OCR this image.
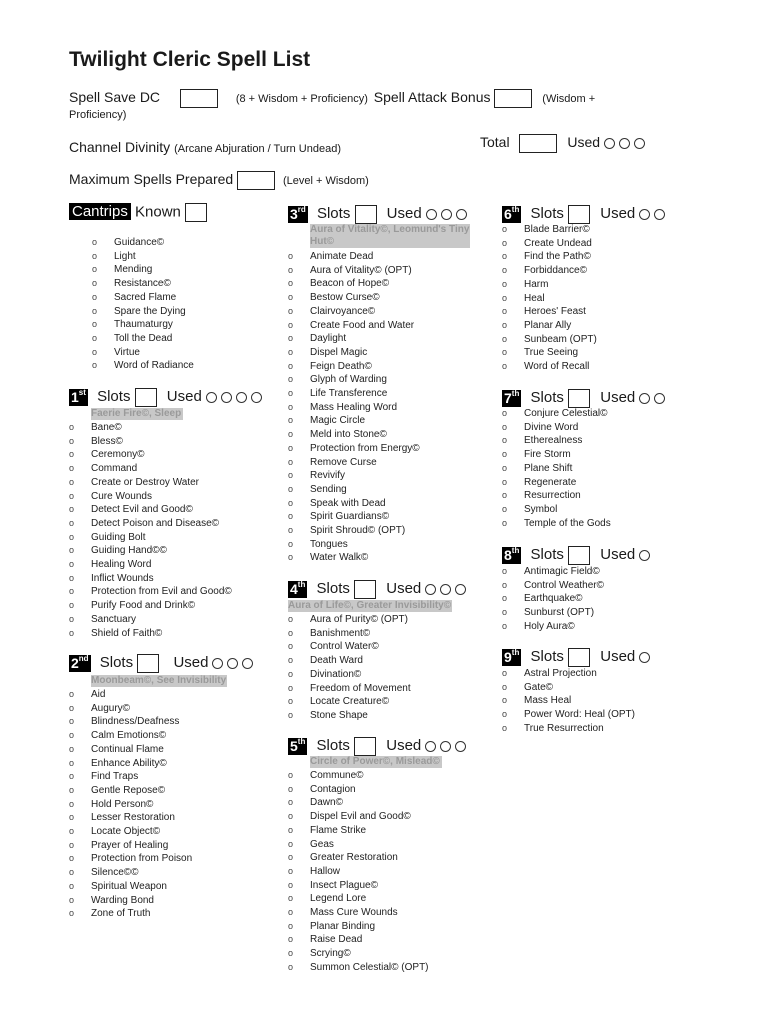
Twilight Cleric Spell List
Spell Save DC	(8 + Wisdom + Proficiency) Spell Attack Bonus	(Wisdom +
Proficiency)
Channel Divinity (Arcane Abjuration / Turn Undead)	Total	Used
Maximum Spells Prepared	(Level + Wisdom)
Cantrips Known
o Guidance©
o Light
o Mending
o Resistance©
o Sacred Flame
o Spare the Dying
o Thaumaturgy
o Toll the Dead
o Virtue
o Word of Radiance
1st Slots Used
Faerie Fire©, Sleep
o Bane©
o Bless©
o Ceremony©
o Command
o Create or Destroy Water
o Cure Wounds
o Detect Evil and Good©
o Detect Poison and Disease©
o Guiding Bolt
o Guiding Hand©©
o Healing Word
o Inflict Wounds
o Protection from Evil and Good©
o Purify Food and Drink©
o Sanctuary
o Shield of Faith©
2nd Slots	Used
Moonbeam©, See Invisibility
o Aid
o Augury©
o Blindness/Deafness
o Calm Emotions©
o Continual Flame
o Enhance Ability©
o Find Traps
o Gentle Repose©
o Hold Person©
o Lesser Restoration
o Locate Object©
o Prayer of Healing
o Protection from Poison
o Silence©©
o Spiritual Weapon
o Warding Bond
o Zone of Truth
3rd Slots Used
Aura of Vitality©, Leomund's Tiny Hut©
o Animate Dead
o Aura of Vitality© (OPT)
o Beacon of Hope©
o Bestow Curse©
o Clairvoyance©
o Create Food and Water
o Daylight
o Dispel Magic
o Feign Death©
o Glyph of Warding
o Life Transference
o Mass Healing Word
o Magic Circle
o Meld into Stone©
o Protection from Energy©
o Remove Curse
o Revivify
o Sending
o Speak with Dead
o Spirit Guardians©
o Spirit Shroud© (OPT)
o Tongues
o Water Walk©
4th Slots Used
Aura of Life©, Greater Invisibility©
o Aura of Purity© (OPT)
o Banishment©
o Control Water©
o Death Ward
o Divination©
o Freedom of Movement
o Locate Creature©
o Stone Shape
5th Slots Used
Circle of Power©, Mislead©
o Commune©
o Contagion
o Dawn©
o Dispel Evil and Good©
o Flame Strike
o Geas
o Greater Restoration
o Hallow
o Insect Plague©
o Legend Lore
o Mass Cure Wounds
o Planar Binding
o Raise Dead
o Scrying©
o Summon Celestial© (OPT)
6th Slots Used
o Blade Barrier©
o Create Undead
o Find the Path©
o Forbiddance©
o Harm
o Heal
o Heroes' Feast
o Planar Ally
o Sunbeam (OPT)
o True Seeing
o Word of Recall
7th Slots Used
o Conjure Celestial©
o Divine Word
o Etherealness
o Fire Storm
o Plane Shift
o Regenerate
o Resurrection
o Symbol
o Temple of the Gods
8th Slots Used
o Antimagic Field©
o Control Weather©
o Earthquake©
o Sunburst (OPT)
o Holy Aura©
9th Slots Used
o Astral Projection
o Gate©
o Mass Heal
o Power Word: Heal (OPT)
o True Resurrection
